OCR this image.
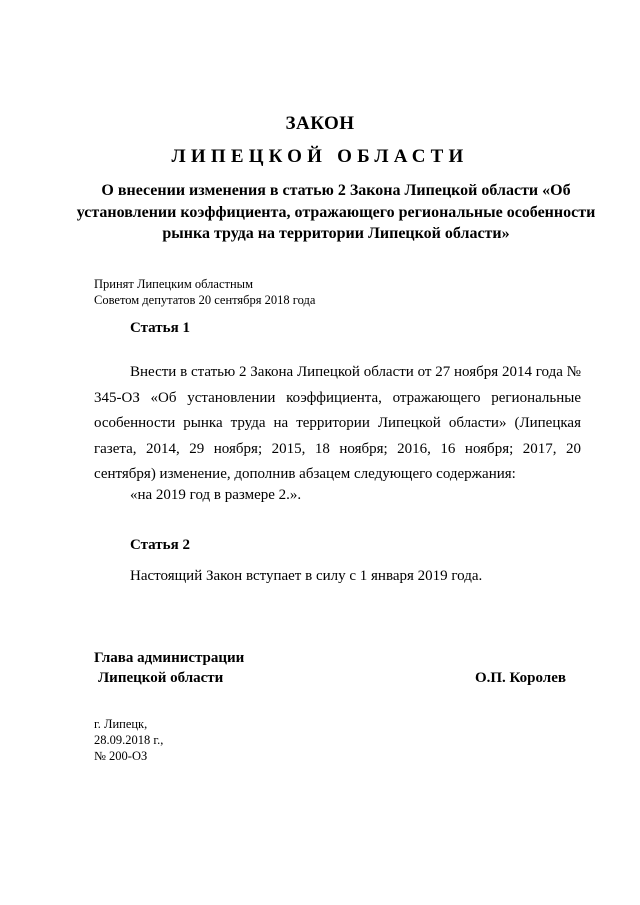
ЗАКОН
ЛИПЕЦКОЙ ОБЛАСТИ
О внесении изменения в статью 2 Закона Липецкой области «Об установлении коэффициента, отражающего региональные особенности рынка труда на территории Липецкой области»
Принят Липецким областным
Советом депутатов 20 сентября 2018 года
Статья 1
Внести в статью 2 Закона Липецкой области от 27 ноября 2014 года № 345-ОЗ «Об установлении коэффициента, отражающего региональные особенности рынка труда на территории Липецкой области» (Липецкая газета, 2014, 29 ноября; 2015, 18 ноября; 2016, 16 ноября; 2017, 20 сентября) изменение, дополнив абзацем следующего содержания:
«на 2019 год в размере 2.».
Статья 2
Настоящий Закон вступает в силу с 1 января 2019 года.
Глава администрации
Липецкой области	О.П. Королев
г. Липецк,
28.09.2018 г.,
№ 200-ОЗ
